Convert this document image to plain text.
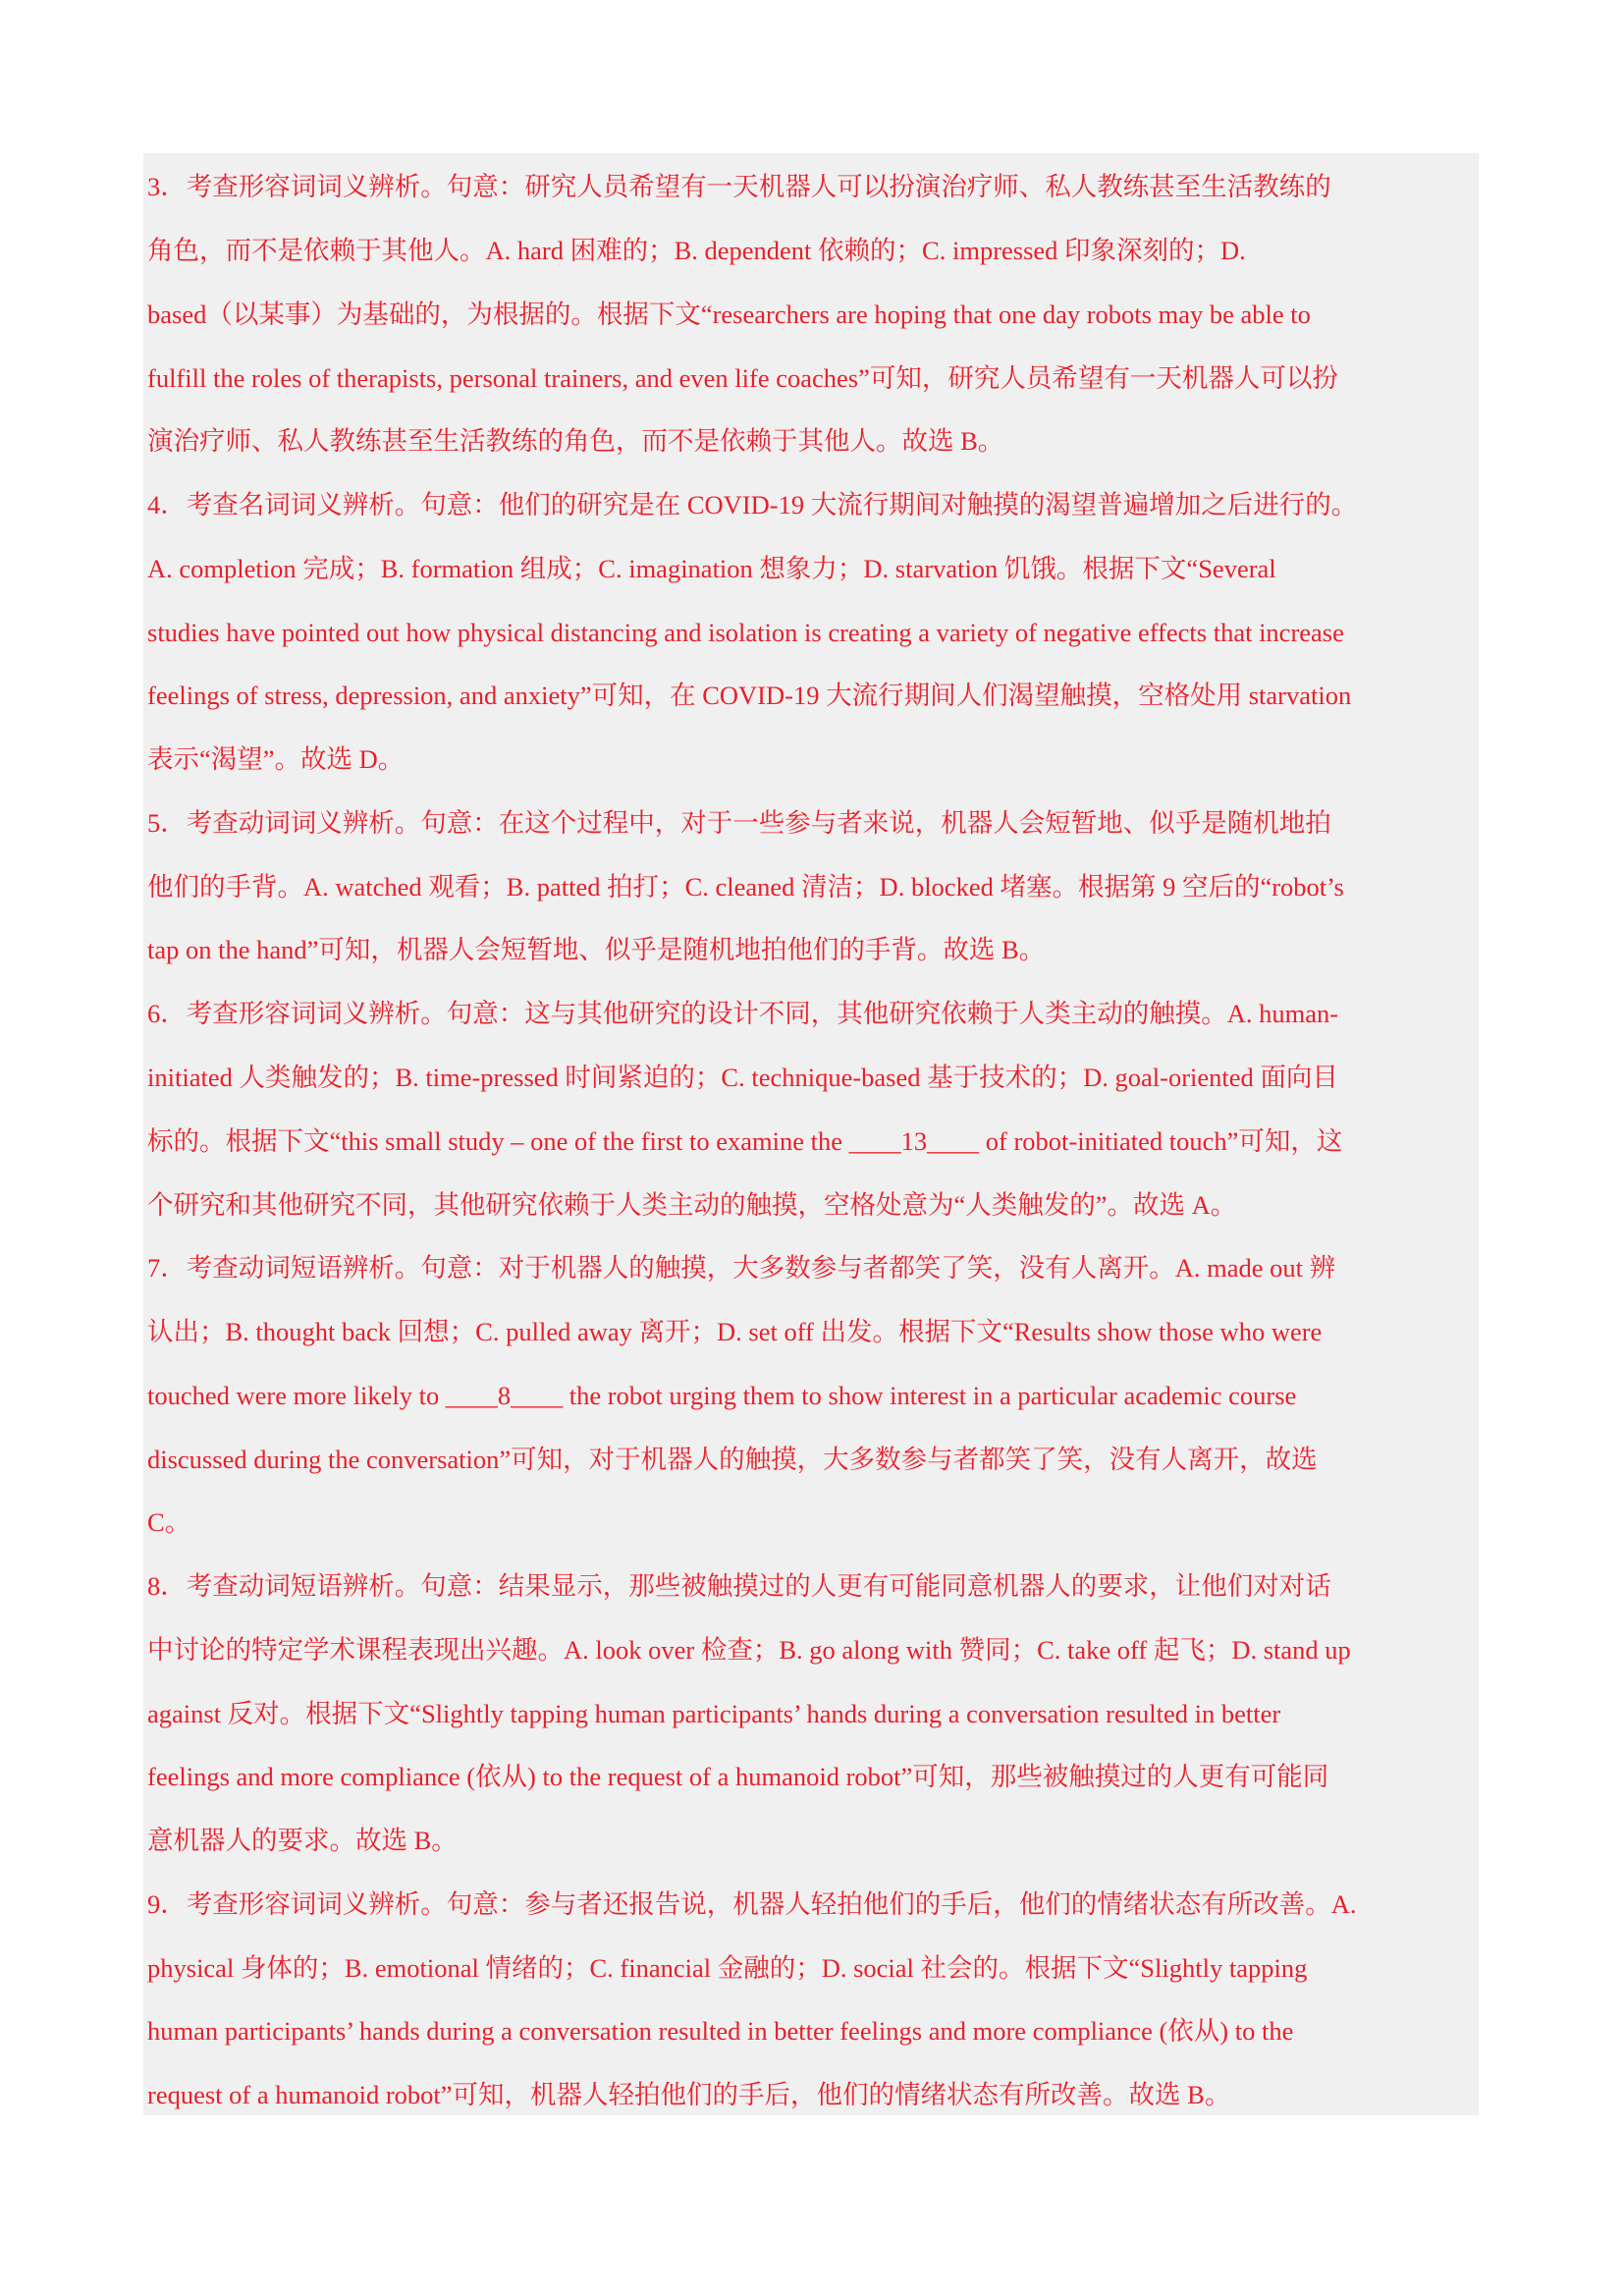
3．考查形容词词义辨析。句意：研究人员希望有一天机器人可以扮演治疗师、私人教练甚至生活教练的
角色，而不是依赖于其他人。A. hard 困难的；B. dependent 依赖的；C. impressed 印象深刻的；D.
based（以某事）为基础的，为根据的。根据下文“researchers are hoping that one day robots may be able to
fulfill the roles of therapists, personal trainers, and even life coaches”可知，研究人员希望有一天机器人可以扮
演治疗师、私人教练甚至生活教练的角色，而不是依赖于其他人。故选 B。
4．考查名词词义辨析。句意：他们的研究是在 COVID-19 大流行期间对触摸的渴望普遍增加之后进行的。
A. completion 完成；B. formation 组成；C. imagination 想象力；D. starvation 饥饿。根据下文“Several
studies have pointed out how physical distancing and isolation is creating a variety of negative effects that increase
feelings of stress, depression, and anxiety”可知，在 COVID-19 大流行期间人们渴望触摸，空格处用 starvation
表示“渴望”。故选 D。
5．考查动词词义辨析。句意：在这个过程中，对于一些参与者来说，机器人会短暂地、似乎是随机地拍
他们的手背。A. watched 观看；B. patted 拍打；C. cleaned 清洁；D. blocked 堵塞。根据第 9 空后的“robot’s
tap on the hand”可知，机器人会短暂地、似乎是随机地拍他们的手背。故选 B。
6．考查形容词词义辨析。句意：这与其他研究的设计不同，其他研究依赖于人类主动的触摸。A. human-
initiated 人类触发的；B. time-pressed 时间紧迫的；C. technique-based 基于技术的；D. goal-oriented 面向目
标的。根据下文“this small study – one of the first to examine the ____13____ of robot-initiated touch”可知，这
个研究和其他研究不同，其他研究依赖于人类主动的触摸，空格处意为“人类触发的”。故选 A。
7．考查动词短语辨析。句意：对于机器人的触摸，大多数参与者都笑了笑，没有人离开。A. made out 辨
认出；B. thought back 回想；C. pulled away 离开；D. set off 出发。根据下文“Results show those who were
touched were more likely to ____8____ the robot urging them to show interest in a particular academic course
discussed during the conversation”可知，对于机器人的触摸，大多数参与者都笑了笑，没有人离开，故选
C。
8．考查动词短语辨析。句意：结果显示，那些被触摸过的人更有可能同意机器人的要求，让他们对对话
中讨论的特定学术课程表现出兴趣。A. look over 检查；B. go along with 赞同；C. take off 起飞；D. stand up
against 反对。根据下文“Slightly tapping human participants’ hands during a conversation resulted in better
feelings and more compliance (依从) to the request of a humanoid robot”可知，那些被触摸过的人更有可能同
意机器人的要求。故选 B。
9．考查形容词词义辨析。句意：参与者还报告说，机器人轻拍他们的手后，他们的情绪状态有所改善。A.
physical 身体的；B. emotional 情绪的；C. financial 金融的；D. social 社会的。根据下文“Slightly tapping
human participants’ hands during a conversation resulted in better feelings and more compliance (依从) to the
request of a humanoid robot”可知，机器人轻拍他们的手后，他们的情绪状态有所改善。故选 B。
